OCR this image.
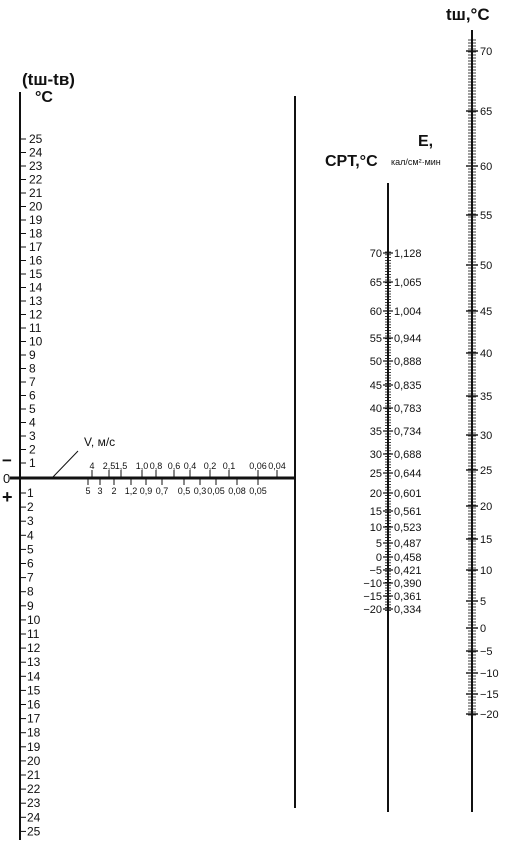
−
0
+
1
2
3
4
5
6
7
8
9
10
11
12
13
14
15
16
17
18
19
20
21
22
23
24
25
1
2
3
4
5
6
7
8
9
10
11
12
13
14
15
16
17
18
19
20
21
22
23
24
25
4 2,5 1,5 1,0 0,8 0,6 0,4 0,2 0,1 0,06 0,04
5 3 2 1,2 0,9 0,7 0,5 0,3 0,05 0,08 0,05
70
65
60
55
50
45
40
35
30
25
20
15
10
5
0
−5
−10
−15
−20
1,128
1,065
1,004
0,944
0,888
0,835
0,783
0,734
0,688
0,644
0,601
0,561
0,523
0,487
0,458
0,421
0,390
0,361
0,334
70
65
60
55
50
45
40
35
30
25
20
15
10
5
0
−5
−10
−15
−20
(tш-tв)
°C
V, м/с
CPT,°C
E,
кал/см²·мин
tш,°C
